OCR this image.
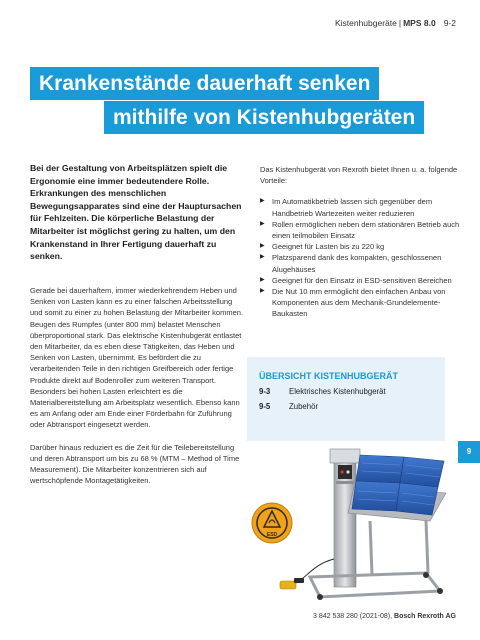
Kistenhubgeräte | MPS 8.0 9-2
Krankenstände dauerhaft senken
mithilfe von Kistenhubgeräten
Bei der Gestaltung von Arbeitsplätzen spielt die Ergonomie eine immer bedeutendere Rolle. Erkrankungen des menschlichen Bewegungsapparates sind eine der Hauptursachen für Fehlzeiten. Die körperliche Belastung der Mitarbeiter ist möglichst gering zu halten, um den Krankenstand in Ihrer Fertigung dauerhaft zu senken.

Gerade bei dauerhaftem, immer wiederkehrendem Heben und Senken von Lasten kann es zu einer falschen Arbeitsstellung und somit zu einer zu hohen Belastung der Mitarbeiter kommen. Beugen des Rumpfes (unter 800 mm) belastet Menschen überproportional stark. Das elektrische Kistenhubgerät entlastet den Mitarbeiter, da es eben diese Tätigkeiten, das Heben und Senken von Lasten, übernimmt. Es befördert die zu verarbeitenden Teile in den richtigen Greifbereich oder fertige Produkte direkt auf Bodenroller zum weiteren Transport. Besonders bei hohen Lasten erleichtert es die Materialbereitstellung am Arbeitsplatz wesentlich. Ebenso kann es am Anfang oder am Ende einer Förderbahn für Zuführung oder Abtransport eingesetzt werden.

Darüber hinaus reduziert es die Zeit für die Teilebereitstellung und deren Abtransport um bis zu 68 % (MTM – Method of Time Measurement). Die Mitarbeiter konzentrieren sich auf wertschöpfende Montagetätigkeiten.

Das Kistenhubgerät von Rexroth bietet Ihnen u. a. folgende Vorteile:

▶ Im Automatikbetrieb lassen sich gegenüber dem Handbetrieb Wartezeiten weiter reduzieren
▶ Rollen ermöglichen neben dem stationären Betrieb auch einen teilmobilen Einsatz
▶ Geeignet für Lasten bis zu 220 kg
▶ Platzsparend dank des kompakten, geschlossenen Alugehäuses
▶ Geeignet für den Einsatz in ESD-sensitiven Bereichen
▶ Die Nut 10 mm ermöglicht den einfachen Anbau von Komponenten aus dem Mechanik-Grundelemente-Baukasten
ÜBERSICHT KISTENHUBGERÄT
9-3	Elektrisches Kistenhubgerät
9-5	Zubehör
9
ESD
3 842 538 280 (2021-08), Bosch Rexroth AG
